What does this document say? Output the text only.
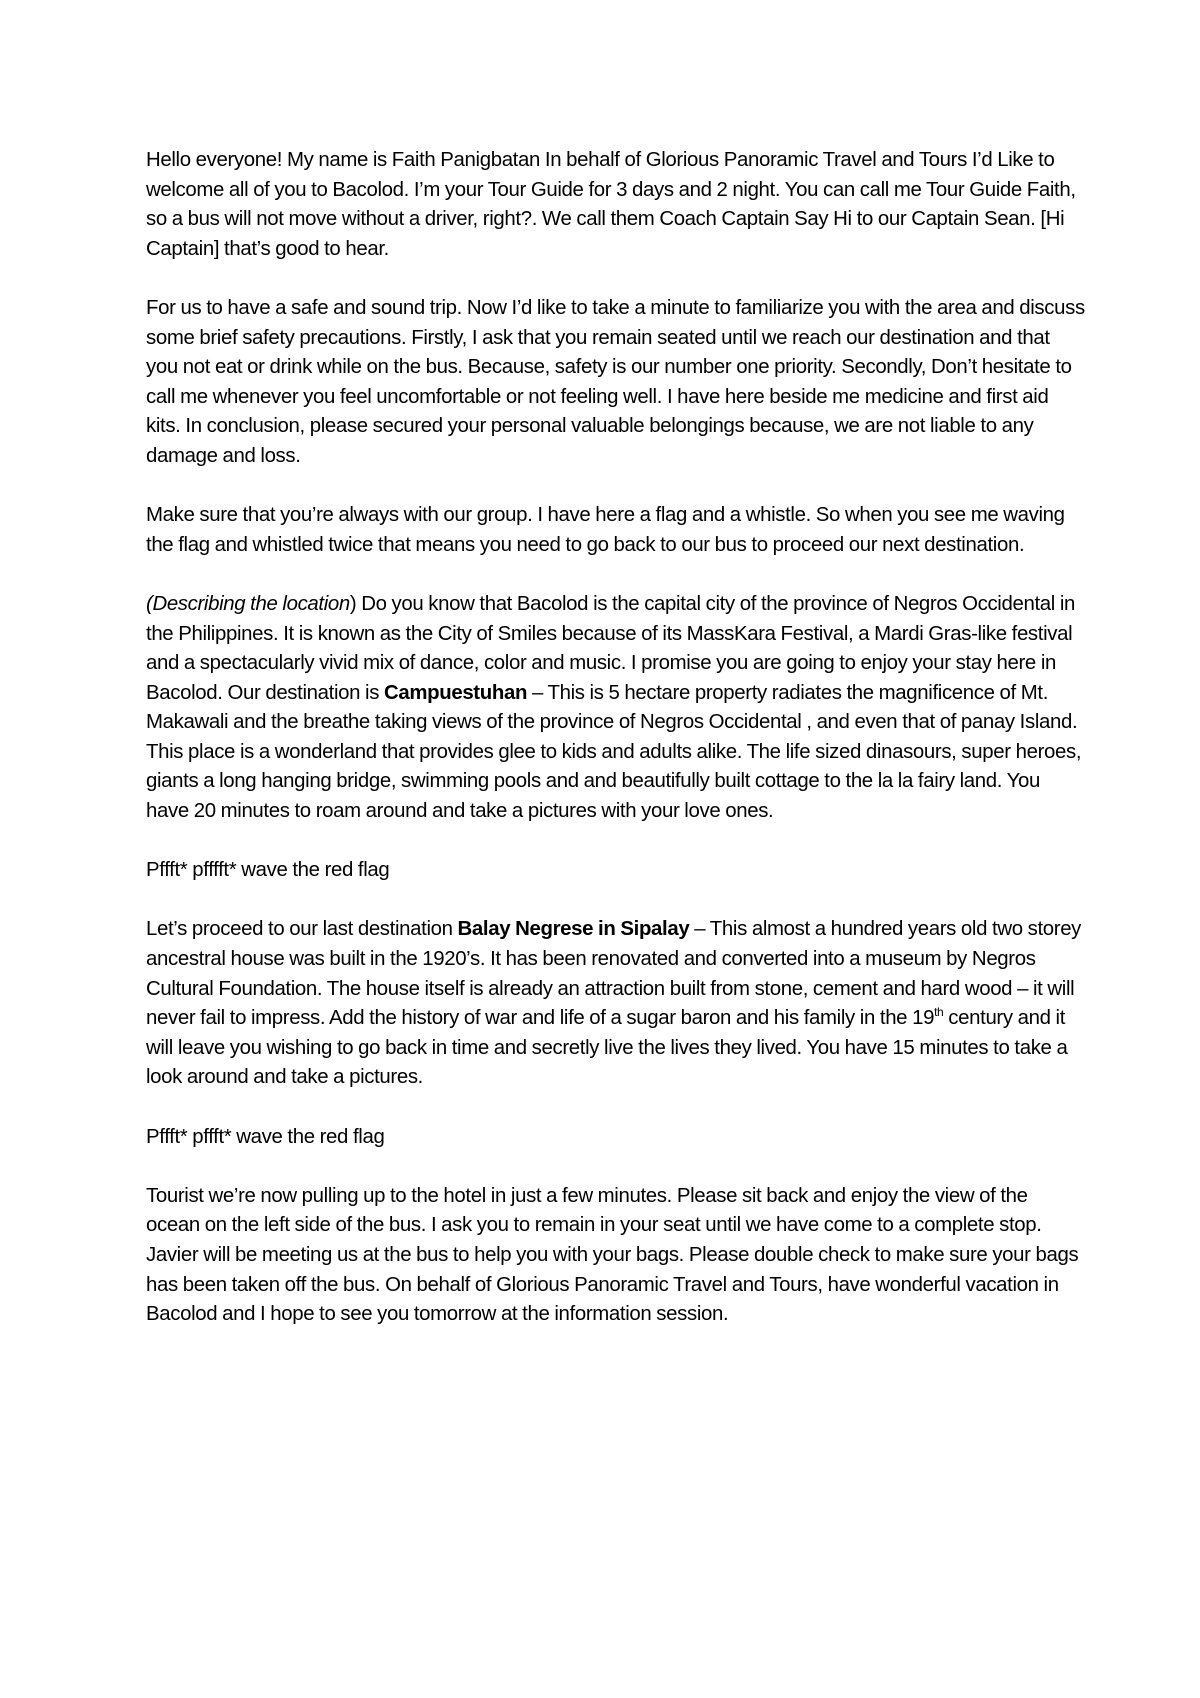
Hello everyone! My name is Faith Panigbatan In behalf of Glorious Panoramic Travel and Tours I’d Like to welcome all of you to Bacolod. I’m your Tour Guide for 3 days and 2 night. You can call me Tour Guide Faith, so a bus will not move without a driver, right?. We call them Coach Captain Say Hi to our Captain Sean. [Hi Captain] that’s good to hear.

For us to have a safe and sound trip. Now I’d like to take a minute to familiarize you with the area and discuss some brief safety precautions. Firstly, I ask that you remain seated until we reach our destination and that you not eat or drink while on the bus. Because, safety is our number one priority. Secondly, Don’t hesitate to call me whenever you feel uncomfortable or not feeling well. I have here beside me medicine and first aid kits. In conclusion, please secured your personal valuable belongings because, we are not liable to any damage and loss.

Make sure that you’re always with our group. I have here a flag and a whistle. So when you see me waving the flag and whistled twice that means you need to go back to our bus to proceed our next destination.

(Describing the location) Do you know that Bacolod is the capital city of the province of Negros Occidental in the Philippines. It is known as the City of Smiles because of its MassKara Festival, a Mardi Gras-like festival and a spectacularly vivid mix of dance, color and music. I promise you are going to enjoy your stay here in Bacolod. Our destination is Campuestuhan – This is 5 hectare property radiates the magnificence of Mt. Makawali and the breathe taking views of the province of Negros Occidental , and even that of panay Island. This place is a wonderland that provides glee to kids and adults alike. The life sized dinasours, super heroes, giants a long hanging bridge, swimming pools and and beautifully built cottage to the la la fairy land. You have 20 minutes to roam around and take a pictures with your love ones.

Pffft* pfffft* wave the red flag

Let’s proceed to our last destination Balay Negrese in Sipalay – This almost a hundred years old two storey ancestral house was built in the 1920’s. It has been renovated and converted into a museum by Negros Cultural Foundation. The house itself is already an attraction built from stone, cement and hard wood – it will never fail to impress. Add the history of war and life of a sugar baron and his family in the 19th century and it will leave you wishing to go back in time and secretly live the lives they lived. You have 15 minutes to take a look around and take a pictures.

Pffft* pffft* wave the red flag

Tourist we’re now pulling up to the hotel in just a few minutes. Please sit back and enjoy the view of the ocean on the left side of the bus. I ask you to remain in your seat until we have come to a complete stop. Javier will be meeting us at the bus to help you with your bags. Please double check to make sure your bags has been taken off the bus. On behalf of Glorious Panoramic Travel and Tours, have wonderful vacation in Bacolod and I hope to see you tomorrow at the information session.
